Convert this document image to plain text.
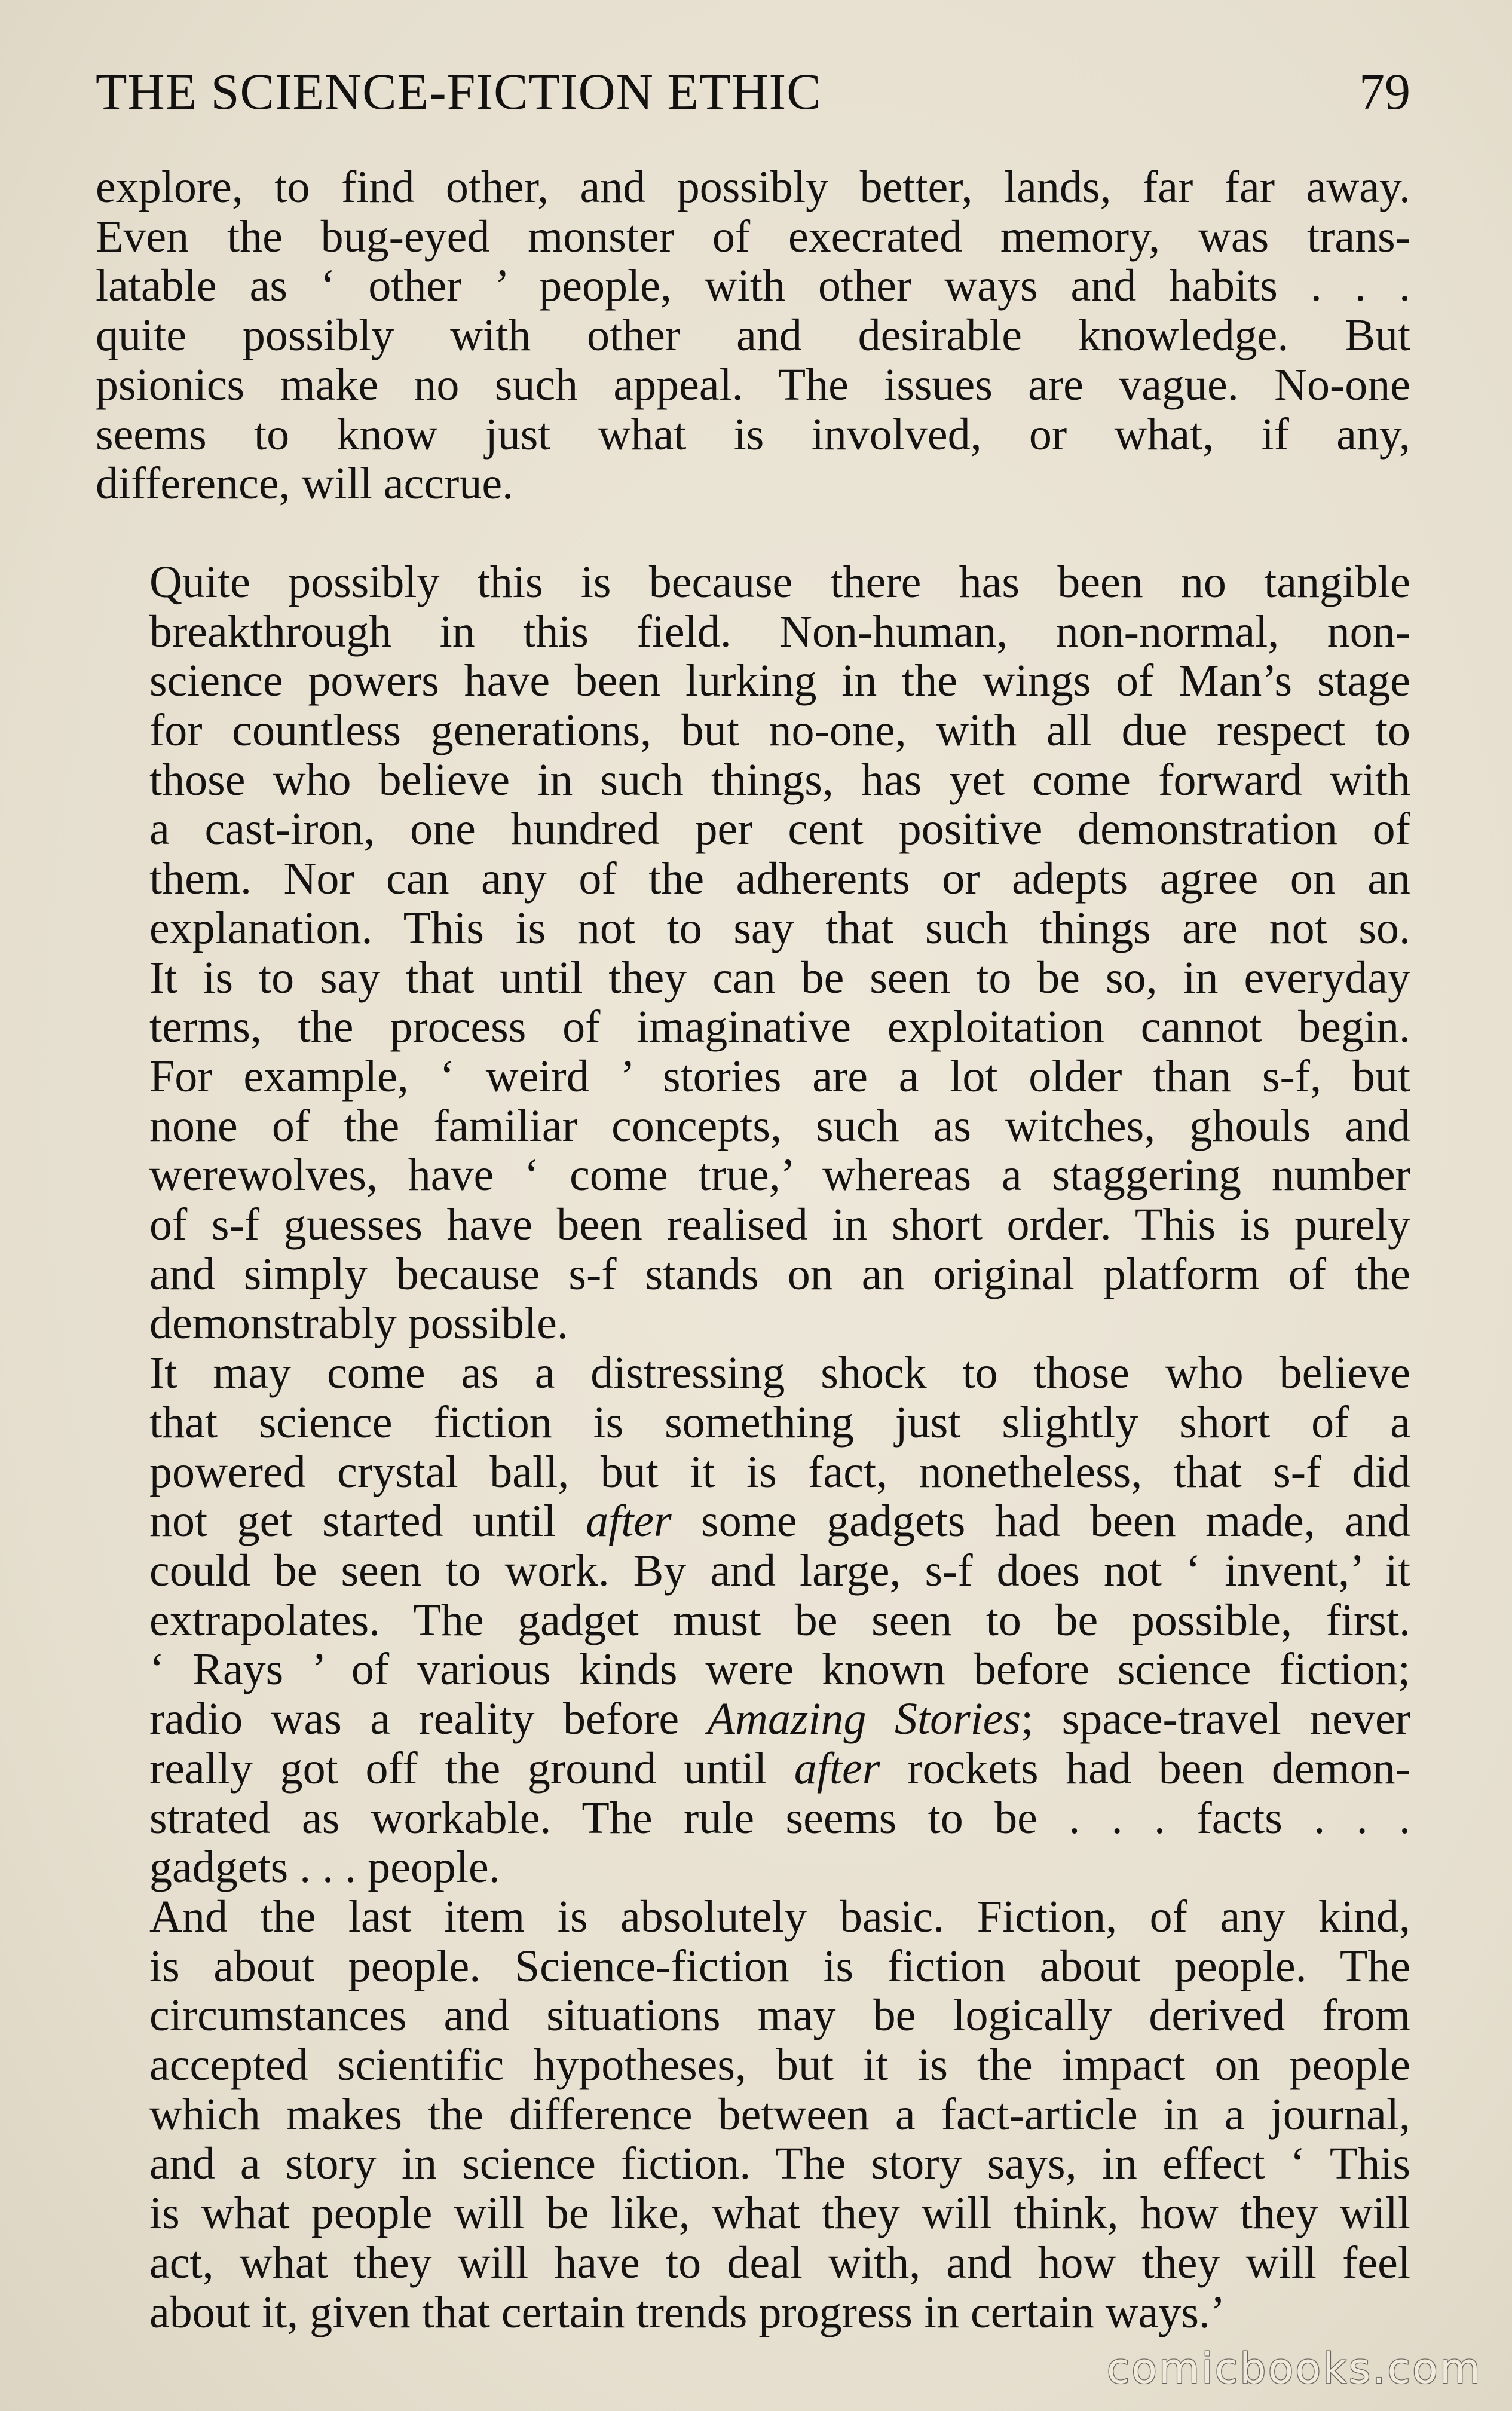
THE SCIENCE-FICTION ETHIC	79

explore, to find other, and possibly better, lands, far far away.
Even the bug-eyed monster of execrated memory, was trans-
latable as ‘ other ’ people, with other ways and habits . . .
quite possibly with other and desirable knowledge. But
psionics make no such appeal. The issues are vague. No-one
seems to know just what is involved, or what, if any,
difference, will accrue.

Quite possibly this is because there has been no tangible
breakthrough in this field. Non-human, non-normal, non-
science powers have been lurking in the wings of Man’s stage
for countless generations, but no-one, with all due respect to
those who believe in such things, has yet come forward with
a cast-iron, one hundred per cent positive demonstration of
them. Nor can any of the adherents or adepts agree on an
explanation. This is not to say that such things are not so.
It is to say that until they can be seen to be so, in everyday
terms, the process of imaginative exploitation cannot begin.
For example, ‘ weird ’ stories are a lot older than s-f, but
none of the familiar concepts, such as witches, ghouls and
werewolves, have ‘ come true,’ whereas a staggering number
of s-f guesses have been realised in short order. This is purely
and simply because s-f stands on an original platform of the
demonstrably possible.

It may come as a distressing shock to those who believe
that science fiction is something just slightly short of a
powered crystal ball, but it is fact, nonetheless, that s-f did
not get started until after some gadgets had been made, and
could be seen to work. By and large, s-f does not ‘ invent,’ it
extrapolates. The gadget must be seen to be possible, first.
‘ Rays ’ of various kinds were known before science fiction;
radio was a reality before Amazing Stories; space-travel never
really got off the ground until after rockets had been demon-
strated as workable. The rule seems to be . . . facts . . .
gadgets . . . people.

And the last item is absolutely basic. Fiction, of any kind,
is about people. Science-fiction is fiction about people. The
circumstances and situations may be logically derived from
accepted scientific hypotheses, but it is the impact on people
which makes the difference between a fact-article in a journal,
and a story in science fiction. The story says, in effect ‘ This
is what people will be like, what they will think, how they will
act, what they will have to deal with, and how they will feel
about it, given that certain trends progress in certain ways.’

comicbooks.com
